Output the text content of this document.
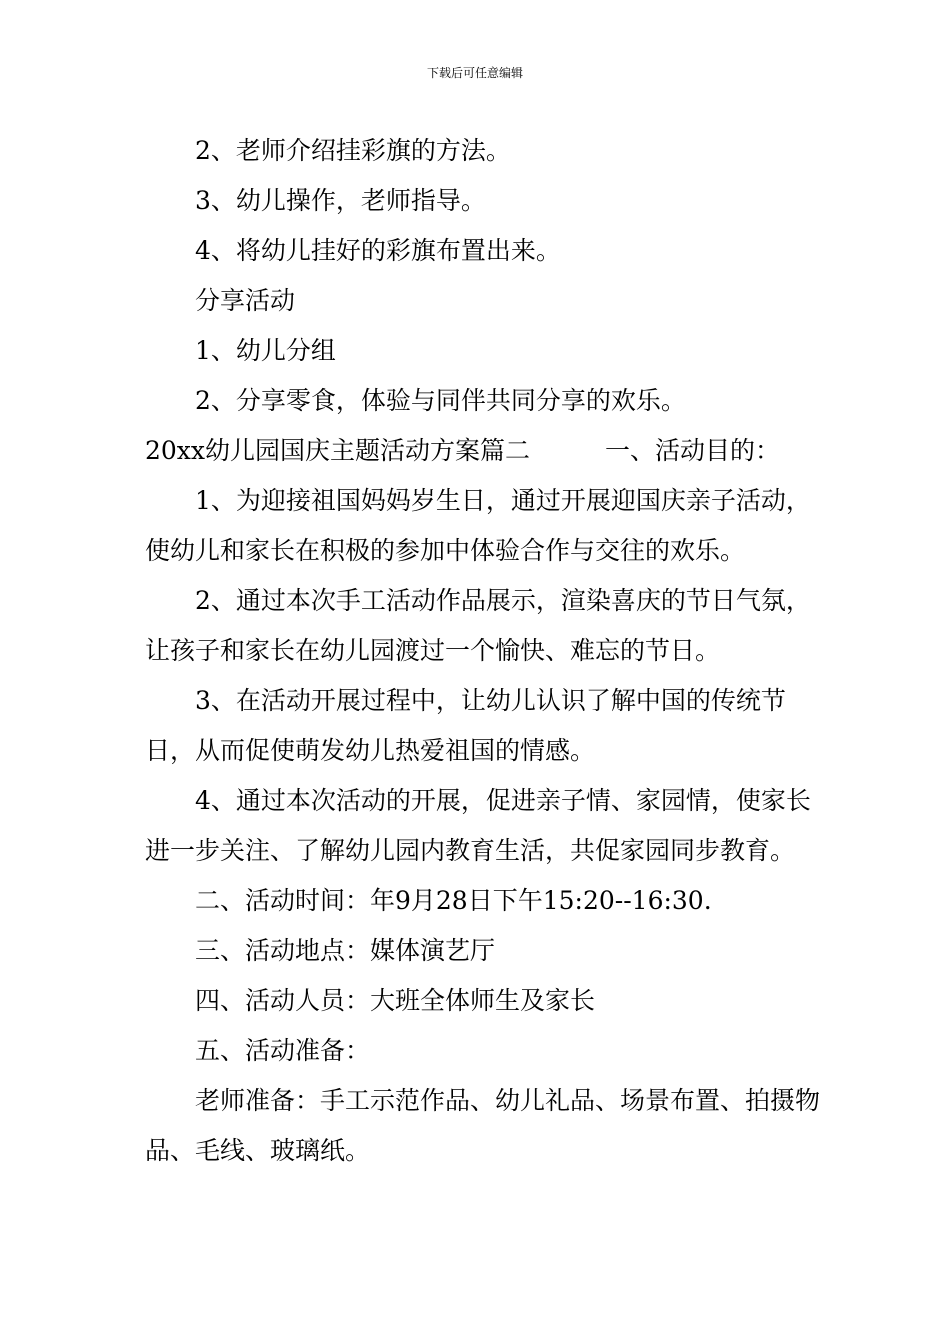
下载后可任意编辑

2、老师介绍挂彩旗的方法。

3、幼儿操作，老师指导。

4、将幼儿挂好的彩旗布置出来。

分享活动

1、幼儿分组

2、分享零食，体验与同伴共同分享的欢乐。

20xx幼儿园国庆主题活动方案篇二　　　一、活动目的：

1、为迎接祖国妈妈岁生日，通过开展迎国庆亲子活动，使幼儿和家长在积极的参加中体验合作与交往的欢乐。

2、通过本次手工活动作品展示，渲染喜庆的节日气氛，让孩子和家长在幼儿园渡过一个愉快、难忘的节日。

3、在活动开展过程中，让幼儿认识了解中国的传统节日，从而促使萌发幼儿热爱祖国的情感。

4、通过本次活动的开展，促进亲子情、家园情，使家长进一步关注、了解幼儿园内教育生活，共促家园同步教育。

二、活动时间：年9月28日下午15:20--16:30.

三、活动地点：媒体演艺厅

四、活动人员：大班全体师生及家长

五、活动准备：

老师准备：手工示范作品、幼儿礼品、场景布置、拍摄物品、毛线、玻璃纸。
